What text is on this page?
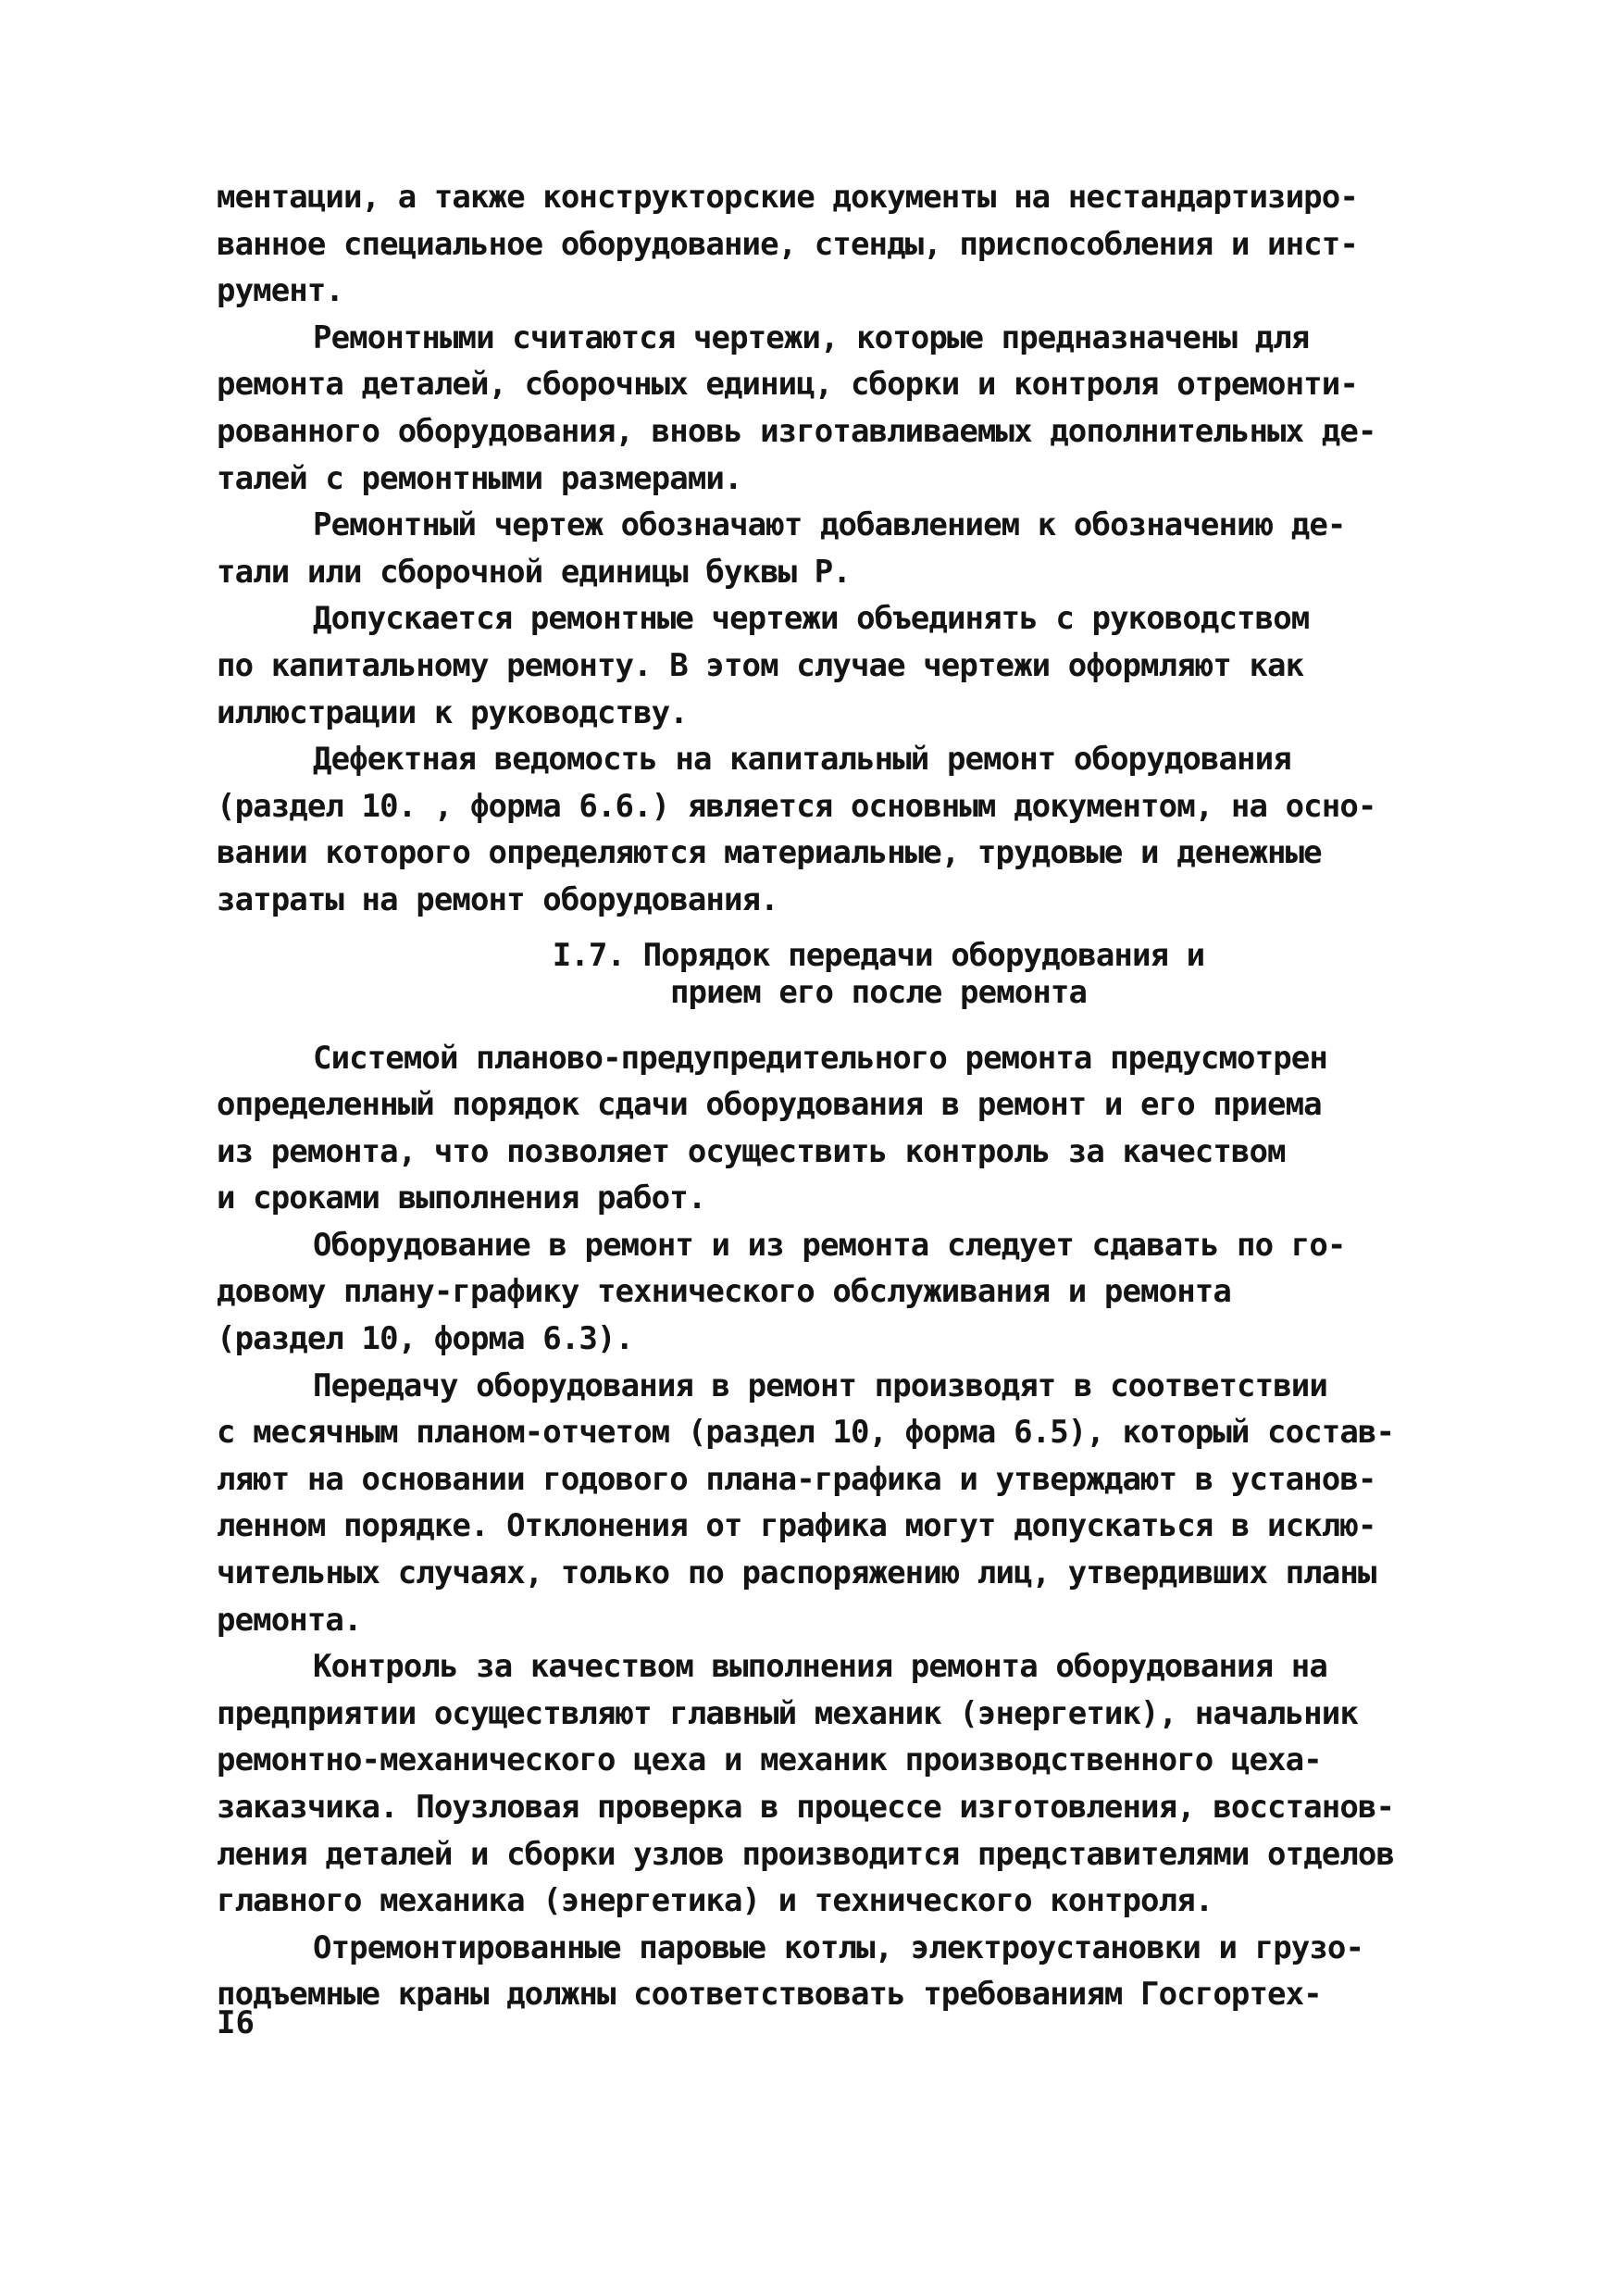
ментации, а также конструкторские документы на нестандартизиро-
ванное специальное оборудование, стенды, приспособления и инст-
румент.
Ремонтными считаются чертежи, которые предназначены для
ремонта деталей, сборочных единиц, сборки и контроля отремонти-
рованного оборудования, вновь изготавливаемых дополнительных де-
талей с ремонтными размерами.
Ремонтный чертеж обозначают добавлением к обозначению де-
тали или сборочной единицы буквы Р.
Допускается ремонтные чертежи объединять с руководством
по капитальному ремонту. В этом случае чертежи оформляют как
иллюстрации к руководству.
Дефектная ведомость на капитальный ремонт оборудования
(раздел 10. , форма 6.6.) является основным документом, на осно-
вании которого определяются материальные, трудовые и денежные
затраты на ремонт оборудования.
I.7. Порядок передачи оборудования и
прием его после ремонта
Системой планово-предупредительного ремонта предусмотрен
определенный порядок сдачи оборудования в ремонт и его приема
из ремонта, что позволяет осуществить контроль за качеством
и сроками выполнения работ.
Оборудование в ремонт и из ремонта следует сдавать по го-
довому плану-графику технического обслуживания и ремонта
(раздел 10, форма 6.3).
Передачу оборудования в ремонт производят в соответствии
с месячным планом-отчетом (раздел 10, форма 6.5), который состав-
ляют на основании годового плана-графика и утверждают в установ-
ленном порядке. Отклонения от графика могут допускаться в исклю-
чительных случаях, только по распоряжению лиц, утвердивших планы
ремонта.
Контроль за качеством выполнения ремонта оборудования на
предприятии осуществляют главный механик (энергетик), начальник
ремонтно-механического цеха и механик производственного цеха-
заказчика. Поузловая проверка в процессе изготовления, восстанов-
ления деталей и сборки узлов производится представителями отделов
главного механика (энергетика) и технического контроля.
Отремонтированные паровые котлы, электроустановки и грузо-
подъемные краны должны соответствовать требованиям Госгортех-
I6
